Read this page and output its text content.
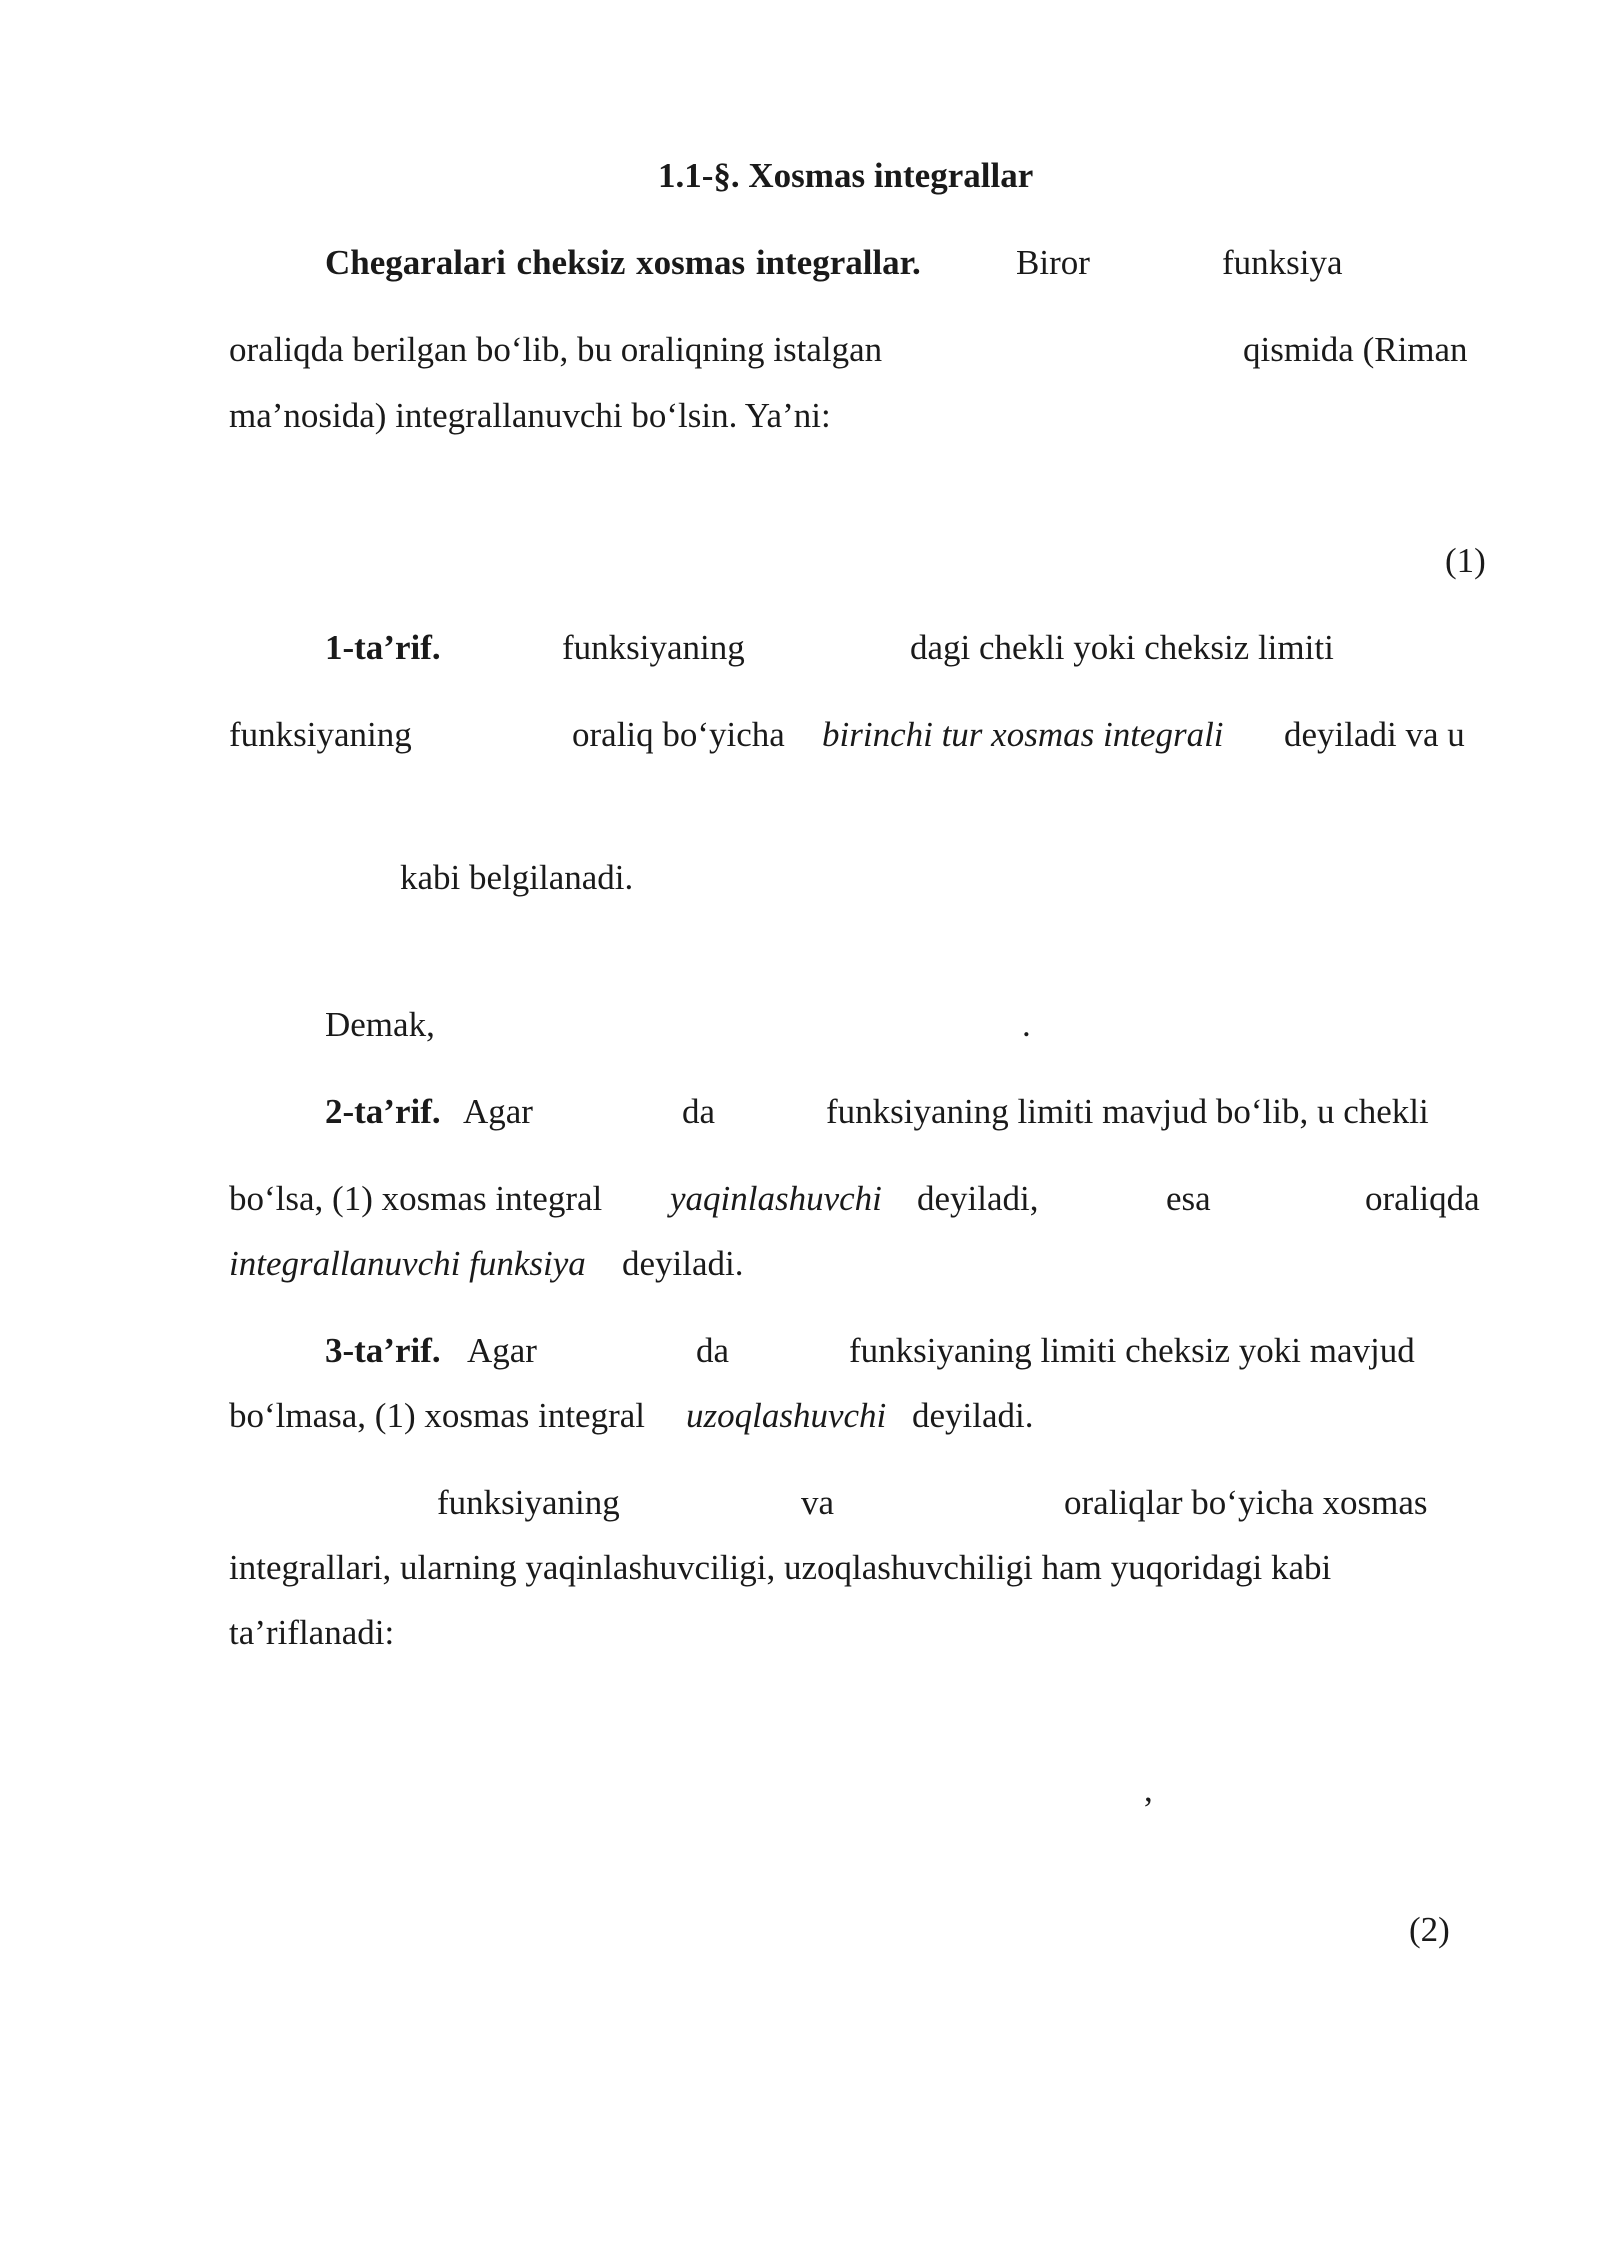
1.1-§. Xosmas integrallar
Chegaralari cheksiz xosmas integrallar.	Biror	funksiya
oraliqda berilgan bo‘lib, bu oraliqning istalgan	qismida (Riman
ma’nosida) integrallanuvchi bo‘lsin. Ya’ni:
(1)
1-ta’rif.	funksiyaning	dagi chekli yoki cheksiz limiti
funksiyaning	oraliq bo‘yicha birinchi tur xosmas integrali deyiladi va u
kabi belgilanadi.
Demak,	.
2-ta’rif. Agar	da	funksiyaning limiti mavjud bo‘lib, u chekli
bo‘lsa, (1) xosmas integral yaqinlashuvchi deyiladi,	esa	oraliqda
integrallanuvchi funksiya deyiladi.
3-ta’rif. Agar	da	funksiyaning limiti cheksiz yoki mavjud
bo‘lmasa, (1) xosmas integral uzoqlashuvchi deyiladi.
funksiyaning	va	oraliqlar bo‘yicha xosmas
integrallari, ularning yaqinlashuvciligi, uzoqlashuvchiligi ham yuqoridagi kabi
ta’riflanadi:
,
(2)
